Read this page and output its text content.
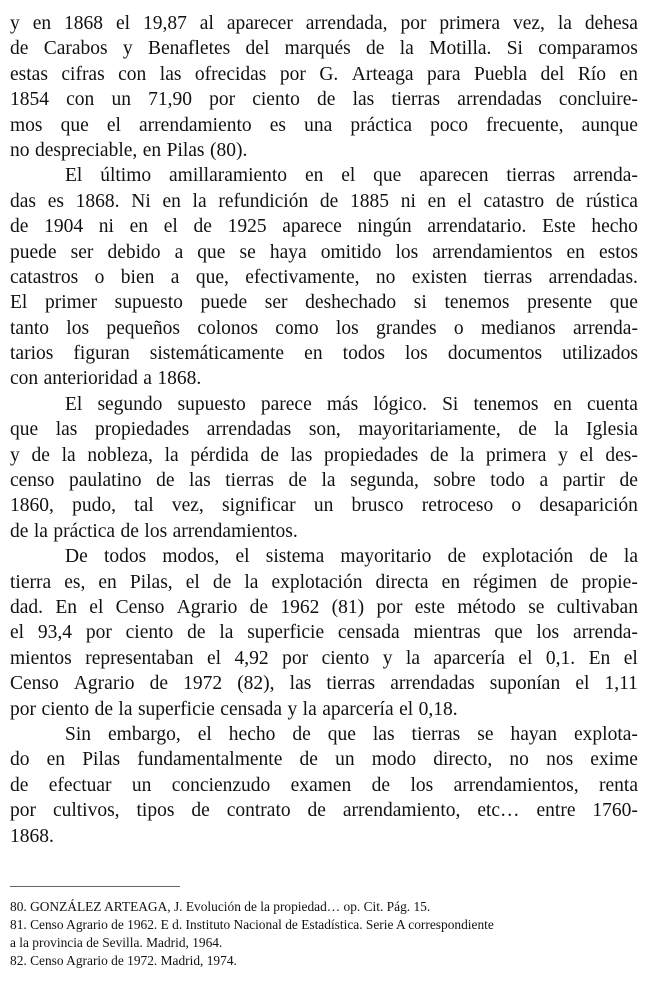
y en 1868 el 19,87 al aparecer arrendada, por primera vez, la dehesa
de Carabos y Benafletes del marqués de la Motilla. Si comparamos
estas cifras con las ofrecidas por G. Arteaga para Puebla del Río en
1854 con un 71,90 por ciento de las tierras arrendadas concluire-
mos que el arrendamiento es una práctica poco frecuente, aunque
no despreciable, en Pilas (80).
El último amillaramiento en el que aparecen tierras arrenda-
das es 1868. Ni en la refundición de 1885 ni en el catastro de rústica
de 1904 ni en el de 1925 aparece ningún arrendatario. Este hecho
puede ser debido a que se haya omitido los arrendamientos en estos
catastros o bien a que, efectivamente, no existen tierras arrendadas.
El primer supuesto puede ser deshechado si tenemos presente que
tanto los pequeños colonos como los grandes o medianos arrenda-
tarios figuran sistemáticamente en todos los documentos utilizados
con anterioridad a 1868.
El segundo supuesto parece más lógico. Si tenemos en cuenta
que las propiedades arrendadas son, mayoritariamente, de la Iglesia
y de la nobleza, la pérdida de las propiedades de la primera y el des-
censo paulatino de las tierras de la segunda, sobre todo a partir de
1860, pudo, tal vez, significar un brusco retroceso o desaparición
de la práctica de los arrendamientos.
De todos modos, el sistema mayoritario de explotación de la
tierra es, en Pilas, el de la explotación directa en régimen de propie-
dad. En el Censo Agrario de 1962 (81) por este método se cultivaban
el 93,4 por ciento de la superficie censada mientras que los arrenda-
mientos representaban el 4,92 por ciento y la aparcería el 0,1. En el
Censo Agrario de 1972 (82), las tierras arrendadas suponían el 1,11
por ciento de la superficie censada y la aparcería el 0,18.
Sin embargo, el hecho de que las tierras se hayan explota-
do en Pilas fundamentalmente de un modo directo, no nos exime
de efectuar un concienzudo examen de los arrendamientos, renta
por cultivos, tipos de contrato de arrendamiento, etc… entre 1760-
1868.
80. GONZÁLEZ ARTEAGA, J. Evolución de la propiedad… op. Cit. Pág. 15.
81. Censo Agrario de 1962. E d. Instituto Nacional de Estadística. Serie A correspondiente
a la provincia de Sevilla. Madrid, 1964.
82. Censo Agrario de 1972. Madrid, 1974.
